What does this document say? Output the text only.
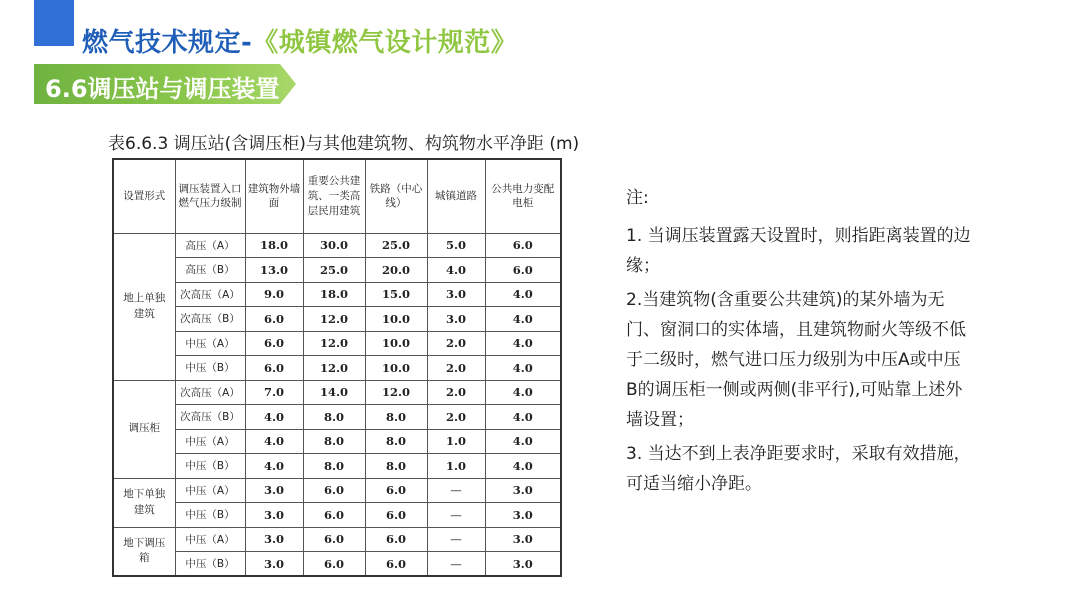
燃气技术规定-《城镇燃气设计规范》
6.6调压站与调压装置
表6.6.3 调压站(含调压柜)与其他建筑物、构筑物水平净距 (m)
设置形式	调压装置入口燃气压力级制	建筑物外墙面	重要公共建筑、一类高层民用建筑	铁路（中心线）	城镇道路	公共电力变配电柜
地上单独建筑	高压（A）	18.0	30.0	25.0	5.0	6.0
	高压（B）	13.0	25.0	20.0	4.0	6.0
	次高压（A）	9.0	18.0	15.0	3.0	4.0
	次高压（B）	6.0	12.0	10.0	3.0	4.0
	中压（A）	6.0	12.0	10.0	2.0	4.0
	中压（B）	6.0	12.0	10.0	2.0	4.0
调压柜	次高压（A）	7.0	14.0	12.0	2.0	4.0
	次高压（B）	4.0	8.0	8.0	2.0	4.0
	中压（A）	4.0	8.0	8.0	1.0	4.0
	中压（B）	4.0	8.0	8.0	1.0	4.0
地下单独建筑	中压（A）	3.0	6.0	6.0	—	3.0
	中压（B）	3.0	6.0	6.0	—	3.0
地下调压箱	中压（A）	3.0	6.0	6.0	—	3.0
	中压（B）	3.0	6.0	6.0	—	3.0
注:
1. 当调压装置露天设置时，则指距离装置的边缘；
2.当建筑物(含重要公共建筑)的某外墙为无门、窗洞口的实体墙，且建筑物耐火等级不低于二级时，燃气进口压力级别为中压A或中压B的调压柜一侧或两侧(非平行),可贴靠上述外墙设置；
3. 当达不到上表净距要求时，采取有效措施，可适当缩小净距。
